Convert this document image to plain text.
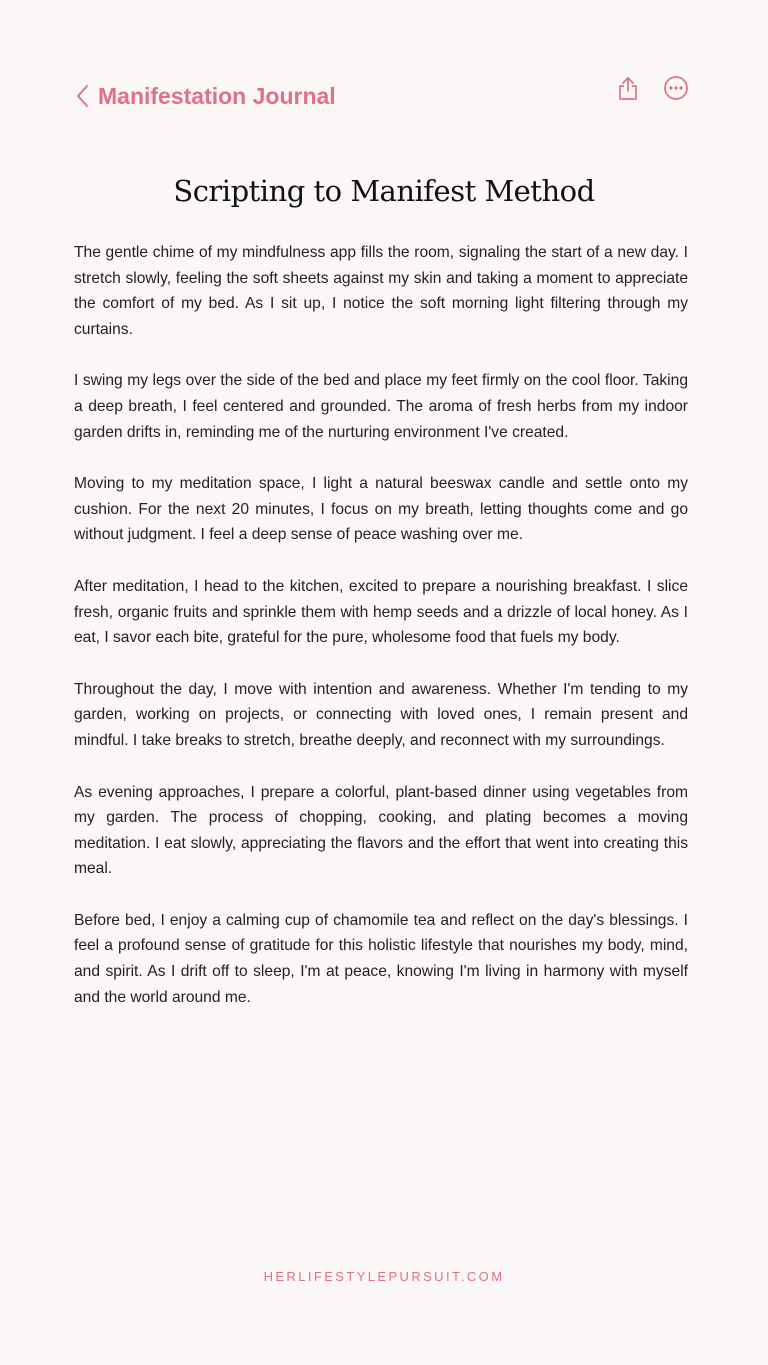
Manifestation Journal
Scripting to Manifest Method

The gentle chime of my mindfulness app fills the room, signaling the start of a new day. I stretch slowly, feeling the soft sheets against my skin and taking a moment to appreciate the comfort of my bed. As I sit up, I notice the soft morning light filtering through my curtains.

I swing my legs over the side of the bed and place my feet firmly on the cool floor. Taking a deep breath, I feel centered and grounded. The aroma of fresh herbs from my indoor garden drifts in, reminding me of the nurturing environment I've created.

Moving to my meditation space, I light a natural beeswax candle and settle onto my cushion. For the next 20 minutes, I focus on my breath, letting thoughts come and go without judgment. I feel a deep sense of peace washing over me.

After meditation, I head to the kitchen, excited to prepare a nourishing breakfast. I slice fresh, organic fruits and sprinkle them with hemp seeds and a drizzle of local honey. As I eat, I savor each bite, grateful for the pure, wholesome food that fuels my body.

Throughout the day, I move with intention and awareness. Whether I'm tending to my garden, working on projects, or connecting with loved ones, I remain present and mindful. I take breaks to stretch, breathe deeply, and reconnect with my surroundings.

As evening approaches, I prepare a colorful, plant-based dinner using vegetables from my garden. The process of chopping, cooking, and plating becomes a moving meditation. I eat slowly, appreciating the flavors and the effort that went into creating this meal.

Before bed, I enjoy a calming cup of chamomile tea and reflect on the day's blessings. I feel a profound sense of gratitude for this holistic lifestyle that nourishes my body, mind, and spirit. As I drift off to sleep, I'm at peace, knowing I'm living in harmony with myself and the world around me.

HERLIFESTYLEPURSUIT.COM
